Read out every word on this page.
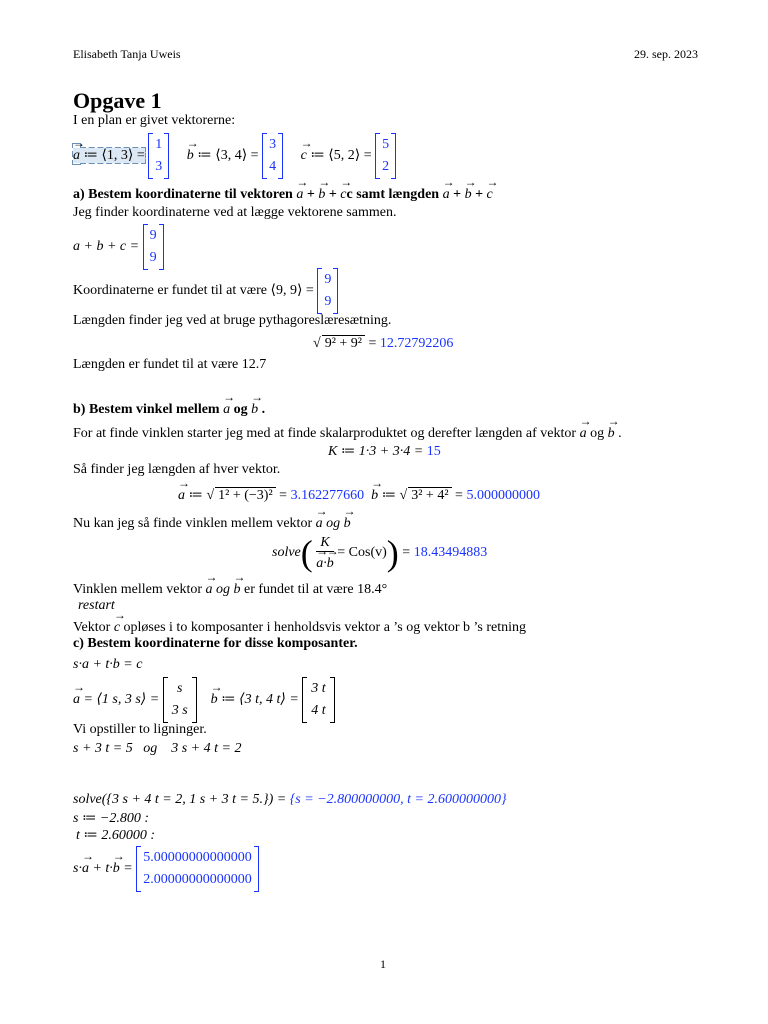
Elisabeth Tanja Uweis	29. sep. 2023
Opgave 1
I en plan er givet vektorerne:
→ a ≔ ⟨1, 3⟩ =
1
3
→ b ≔ ⟨3, 4⟩ =
3
4
→ c ≔ ⟨5, 2⟩ =
5
2
a) Bestem koordinaterne til vektoren → a + → b + → cc samt længden → a + → b + → c
Jeg finder koordinaterne ved at lægge vektorene sammen.
a + b + c =
9
9
Koordinaterne er fundet til at være ⟨9, 9⟩ =
9
9
Længden finder jeg ved at bruge pythagoreslæresætning.
√ 9² + 9² = 12.72792206
Længden er fundet til at være 12.7
b) Bestem vinkel mellem → a og → b .
For at finde vinklen starter jeg med at finde skalarproduktet og derefter længden af vektor → a og → b .
K ≔ 1·3 + 3·4 = 15
Så finder jeg længden af hver vektor.
→ a ≔ √ 1² + (−3)² = 3.162277660 → b ≔ √ 3² + 4² = 5.000000000
Nu kan jeg så finde vinklen mellem vektor → a og → b
solve( K
→ a·→ b = Cos(v)) = 18.43494883
Vinklen mellem vektor → a og → b er fundet til at være 18.4°
restart
Vektor → c opløses i to komposanter i henholdsvis vektor a ’s og vektor b ’s retning
c) Bestem koordinaterne for disse komposanter.
s·a + t·b = c
→ a = ⟨1 s, 3 s⟩ =
s
3 s
→ b ≔ ⟨3 t, 4 t⟩ =
3 t
4 t
Vi opstiller to ligninger.
s + 3 t = 5   og    3 s + 4 t = 2
solve({3 s + 4 t = 2, 1 s + 3 t = 5.}) = {s = −2.800000000, t = 2.600000000}
s ≔ −2.800 :
t ≔ 2.60000 :
s·→ a + t·→ b =
5.00000000000000
2.00000000000000
1
